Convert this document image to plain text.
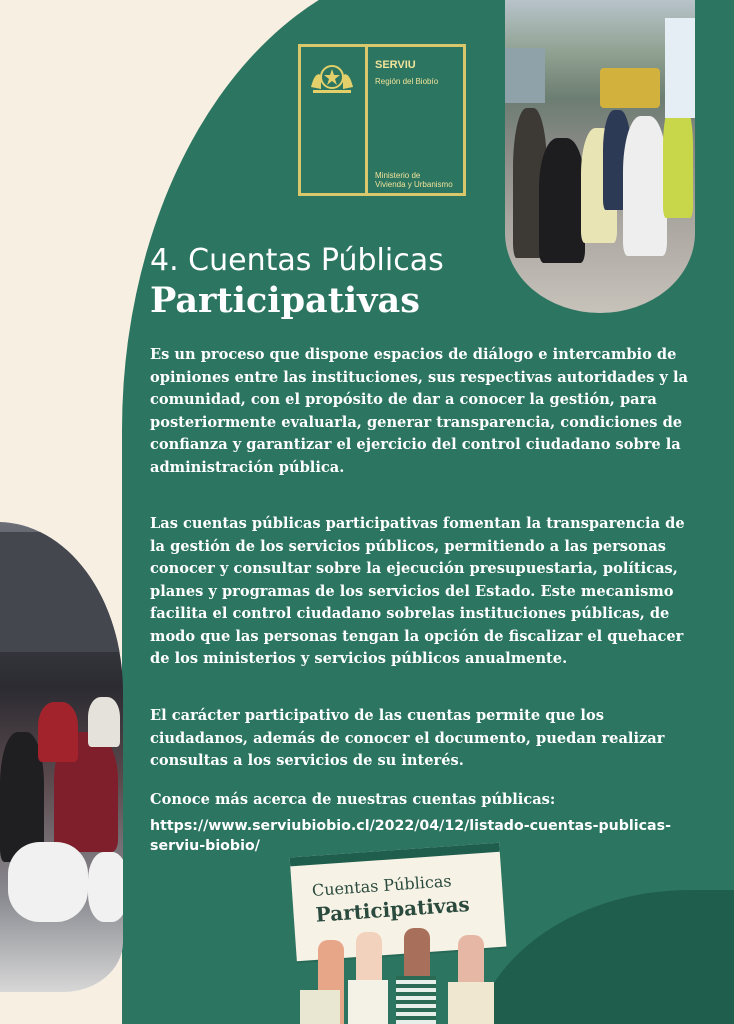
SERVIU
Región del Biobío
Ministerio de
Vivienda y Urbanismo
4. Cuentas Públicas
Participativas

Es un proceso que dispone espacios de diálogo e intercambio de opiniones entre las instituciones, sus respectivas autoridades y la comunidad, con el propósito de dar a conocer la gestión, para posteriormente evaluarla, generar transparencia, condiciones de confianza y garantizar el ejercicio del control ciudadano sobre la administración pública.

Las cuentas públicas participativas fomentan la transparencia de la gestión de los servicios públicos, permitiendo a las personas conocer y consultar sobre la ejecución presupuestaria, políticas, planes y programas de los servicios del Estado. Este mecanismo facilita el control ciudadano sobrelas instituciones públicas, de modo que las personas tengan la opción de fiscalizar el quehacer de los ministerios y servicios públicos anualmente.

El carácter participativo de las cuentas permite que los ciudadanos, además de conocer el documento, puedan realizar consultas a los servicios de su interés.

Conoce más acerca de nuestras cuentas públicas:

https://www.serviubiobio.cl/2022/04/12/listado-cuentas-publicas-serviu-biobio/

Cuentas Públicas
Participativas
